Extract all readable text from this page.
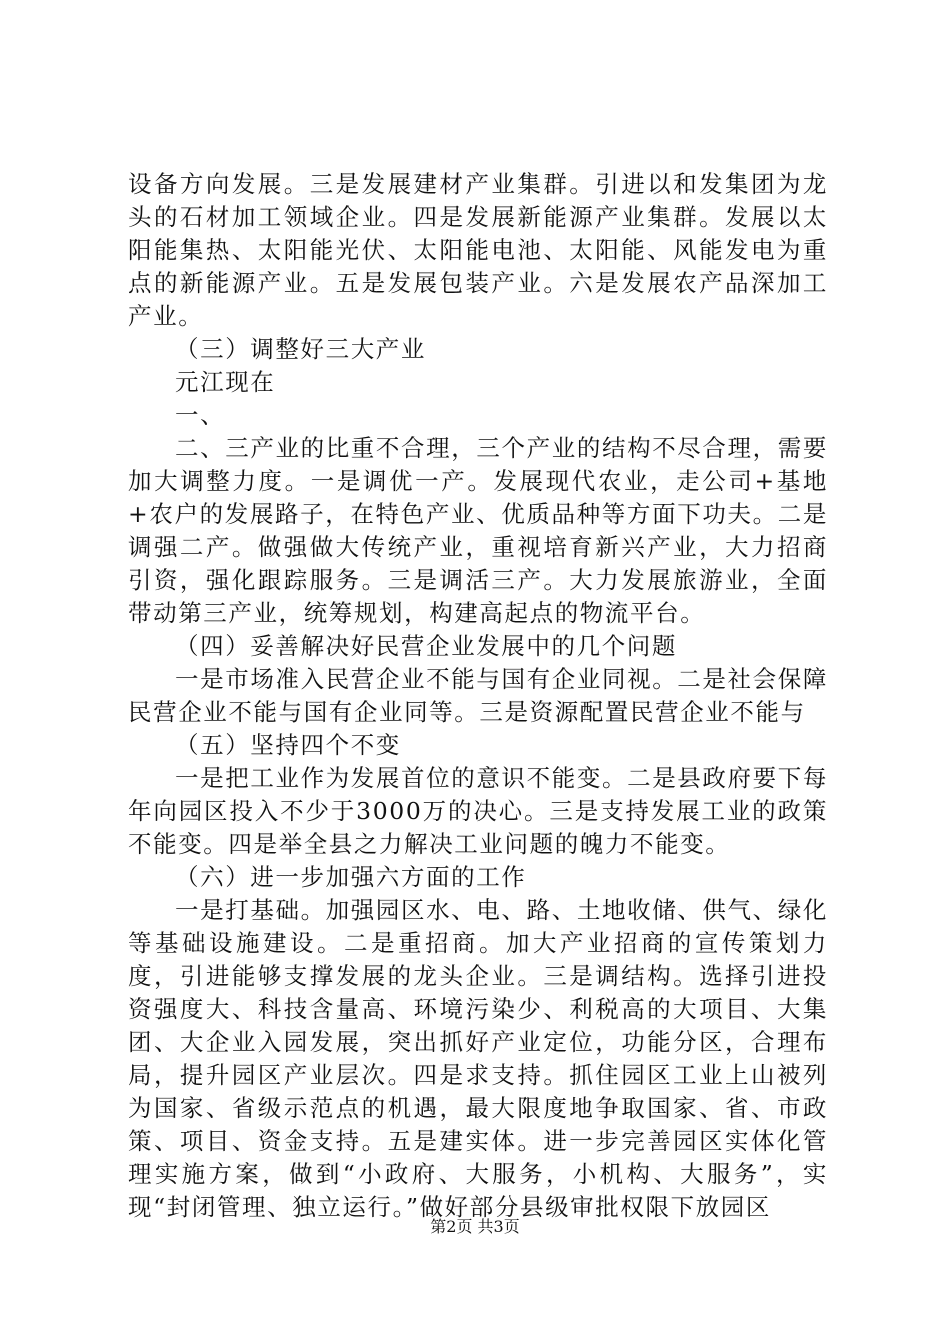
设备方向发展。三是发展建材产业集群。引进以和发集团为龙头的石材加工领域企业。四是发展新能源产业集群。发展以太阳能集热、太阳能光伏、太阳能电池、太阳能、风能发电为重点的新能源产业。五是发展包装产业。六是发展农产品深加工产业。

（三）调整好三大产业

元江现在

一、

二、三产业的比重不合理，三个产业的结构不尽合理，需要加大调整力度。一是调优一产。发展现代农业，走公司+基地+农户的发展路子，在特色产业、优质品种等方面下功夫。二是调强二产。做强做大传统产业，重视培育新兴产业，大力招商引资，强化跟踪服务。三是调活三产。大力发展旅游业，全面带动第三产业，统筹规划，构建高起点的物流平台。

（四）妥善解决好民营企业发展中的几个问题

一是市场准入民营企业不能与国有企业同视。二是社会保障民营企业不能与国有企业同等。三是资源配置民营企业不能与

（五）坚持四个不变

一是把工业作为发展首位的意识不能变。二是县政府要下每年向园区投入不少于3000万的决心。三是支持发展工业的政策不能变。四是举全县之力解决工业问题的魄力不能变。

（六）进一步加强六方面的工作

一是打基础。加强园区水、电、路、土地收储、供气、绿化等基础设施建设。二是重招商。加大产业招商的宣传策划力度，引进能够支撑发展的龙头企业。三是调结构。选择引进投资强度大、科技含量高、环境污染少、利税高的大项目、大集团、大企业入园发展，突出抓好产业定位，功能分区，合理布局，提升园区产业层次。四是求支持。抓住园区工业上山被列为国家、省级示范点的机遇，最大限度地争取国家、省、市政策、项目、资金支持。五是建实体。进一步完善园区实体化管理实施方案，做到“小政府、大服务，小机构、大服务”，实现“封闭管理、独立运行。”做好部分县级审批权限下放园区

第2页 共3页
